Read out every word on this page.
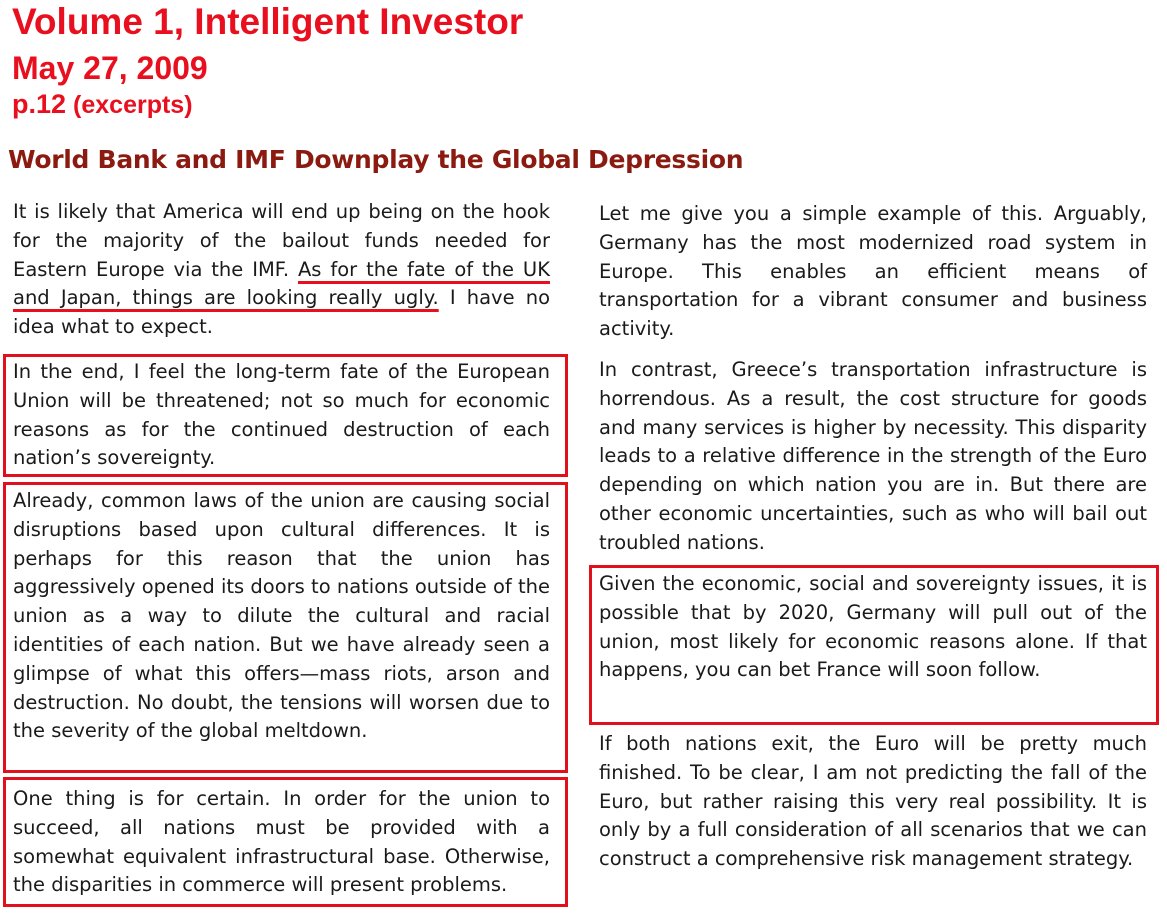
Volume 1, Intelligent Investor
May 27, 2009
p.12 (excerpts)
World Bank and IMF Downplay the Global Depression

It is likely that America will end up being on the hook for the majority of the bailout funds needed for Eastern Europe via the IMF. As for the fate of the UK and Japan, things are looking really ugly. I have no idea what to expect.

In the end, I feel the long-term fate of the European Union will be threatened; not so much for economic reasons as for the continued destruction of each nation’s sovereignty.

Already, common laws of the union are causing social disruptions based upon cultural differences. It is perhaps for this reason that the union has aggressively opened its doors to nations outside of the union as a way to dilute the cultural and racial identities of each nation. But we have already seen a glimpse of what this offers—mass riots, arson and destruction. No doubt, the tensions will worsen due to the severity of the global meltdown.

One thing is for certain. In order for the union to succeed, all nations must be provided with a somewhat equivalent infrastructural base. Otherwise, the disparities in commerce will present problems.

Let me give you a simple example of this. Arguably, Germany has the most modernized road system in Europe. This enables an efficient means of transportation for a vibrant consumer and business activity.

In contrast, Greece’s transportation infrastructure is horrendous. As a result, the cost structure for goods and many services is higher by necessity. This disparity leads to a relative difference in the strength of the Euro depending on which nation you are in. But there are other economic uncertainties, such as who will bail out troubled nations.

Given the economic, social and sovereignty issues, it is possible that by 2020, Germany will pull out of the union, most likely for economic reasons alone. If that happens, you can bet France will soon follow.

If both nations exit, the Euro will be pretty much finished. To be clear, I am not predicting the fall of the Euro, but rather raising this very real possibility. It is only by a full consideration of all scenarios that we can construct a comprehensive risk management strategy.
